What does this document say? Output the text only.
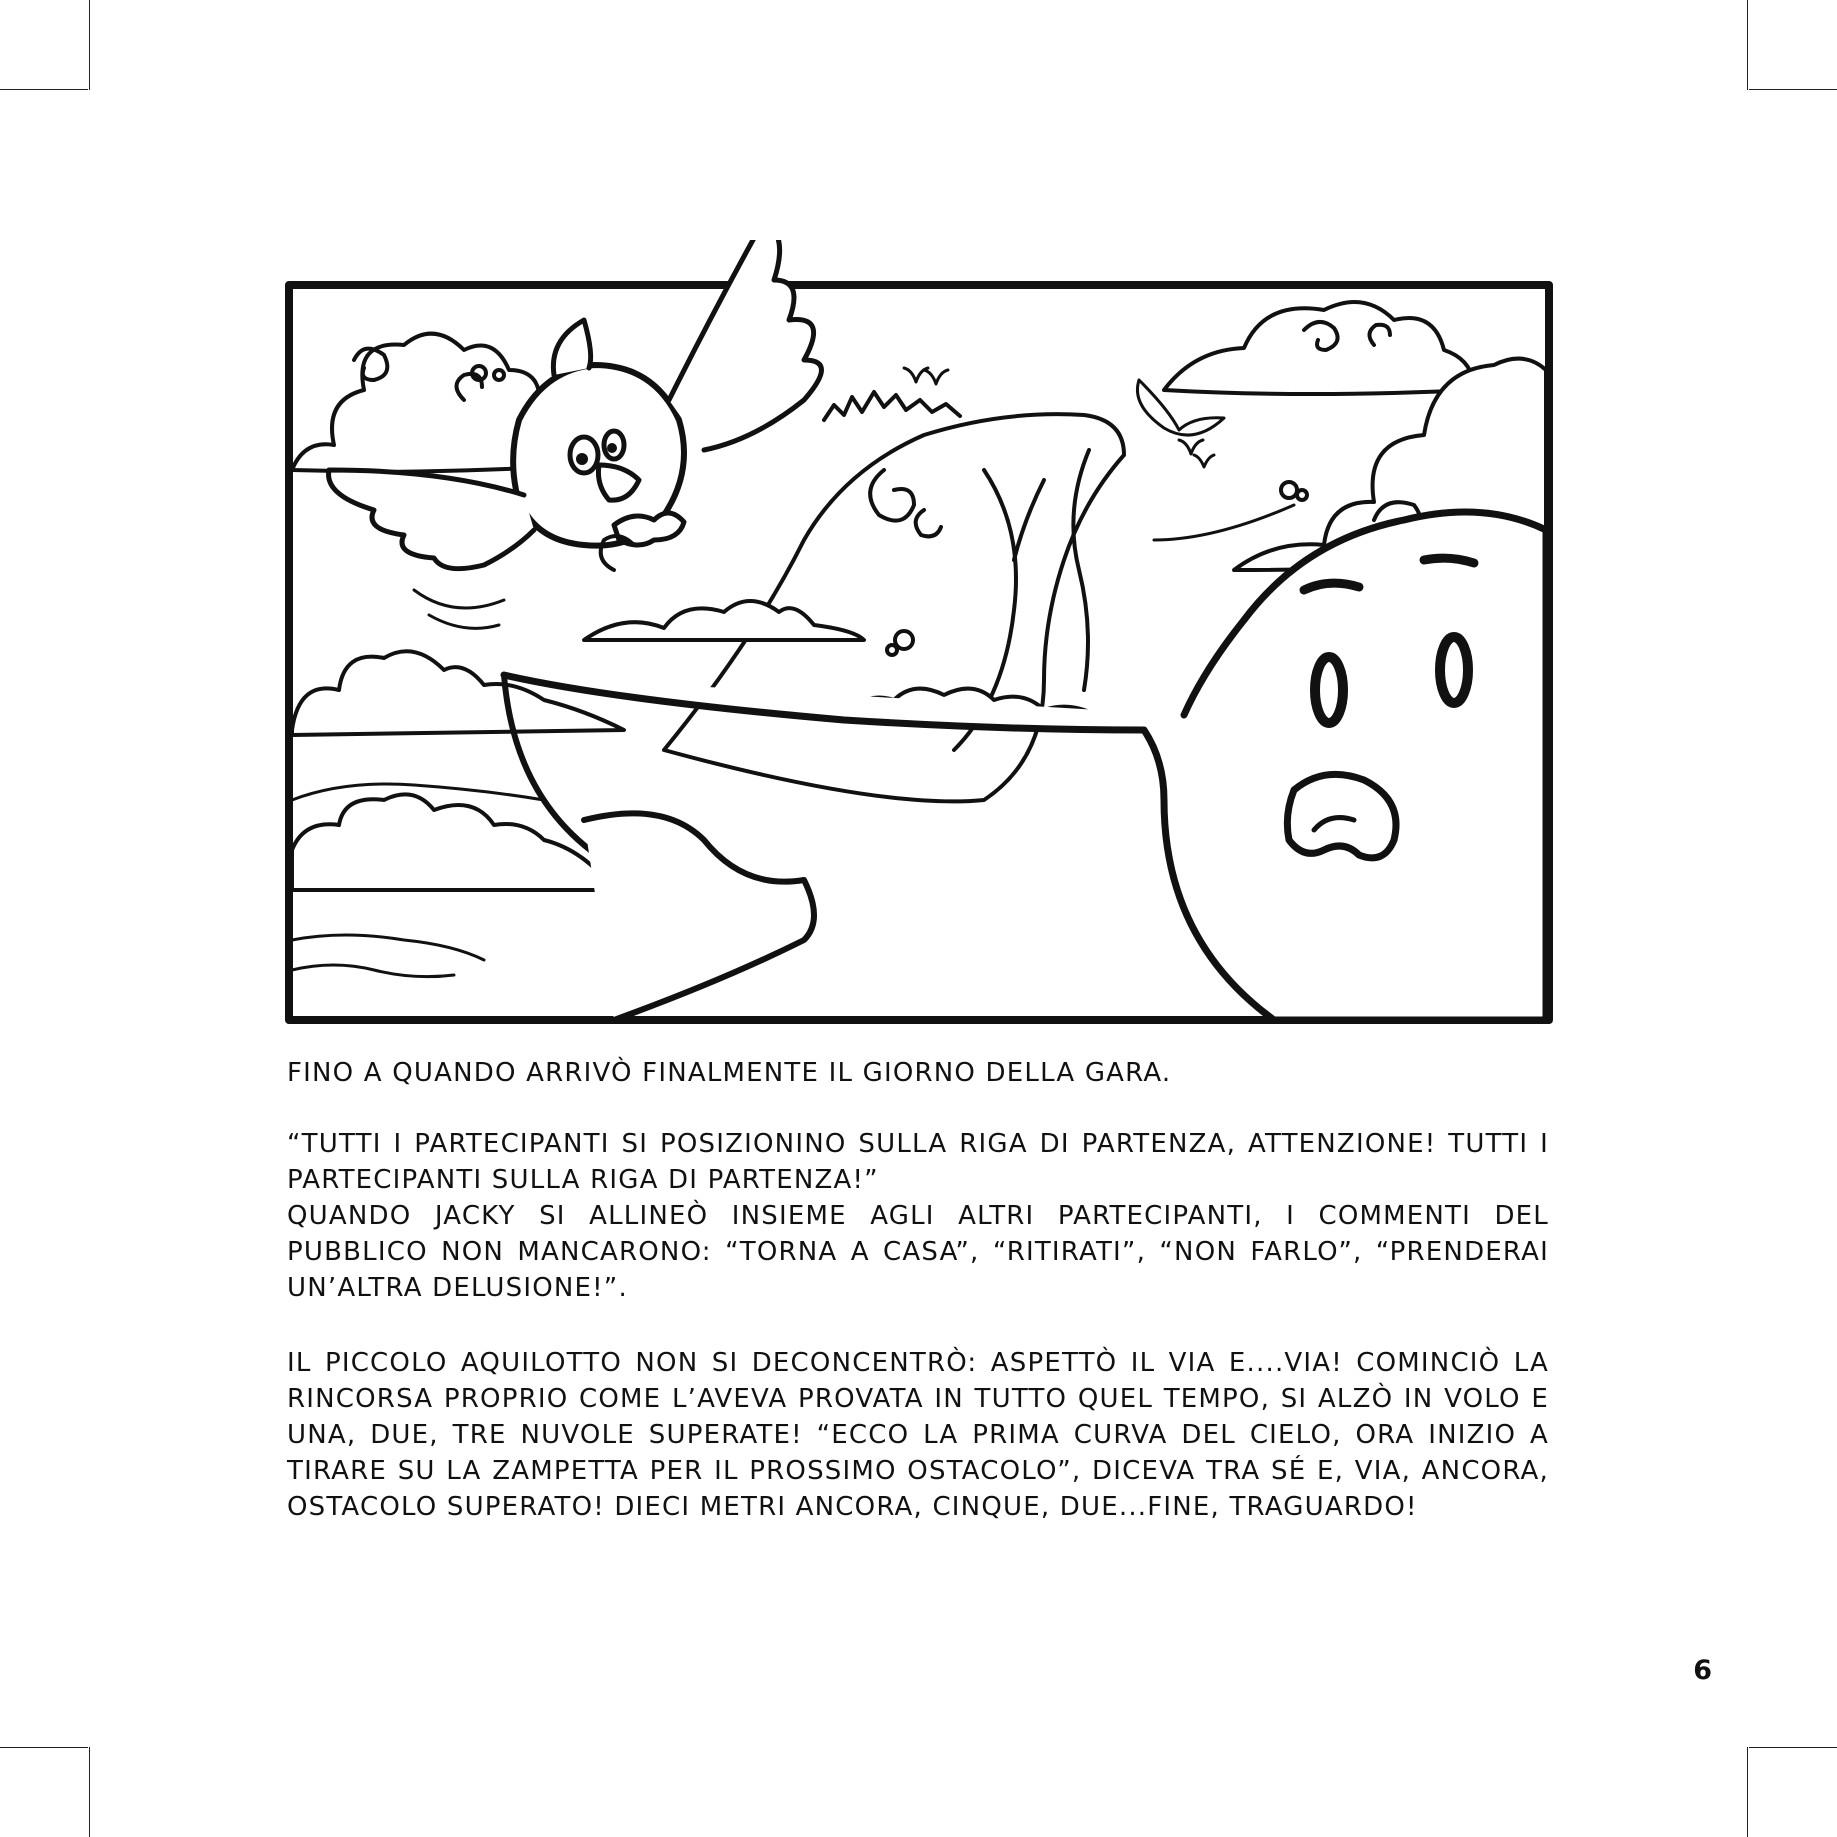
FINO A QUANDO ARRIVÒ FINALMENTE IL GIORNO DELLA GARA.

“TUTTI I PARTECIPANTI SI POSIZIONINO SULLA RIGA DI PARTENZA, ATTENZIONE! TUTTI I PARTECIPANTI SULLA RIGA DI PARTENZA!”

QUANDO JACKY SI ALLINEÒ INSIEME AGLI ALTRI PARTECIPANTI, I COMMENTI DEL PUBBLICO NON MANCARONO: “TORNA A CASA”, “RITIRATI”, “NON FARLO”, “PRENDERAI UN’ALTRA DELUSIONE!”.

IL PICCOLO AQUILOTTO NON SI DECONCENTRÒ: ASPETTÒ IL VIA E....VIA! COMINCIÒ LA RINCORSA PROPRIO COME L’AVEVA PROVATA IN TUTTO QUEL TEMPO, SI ALZÒ IN VOLO E UNA, DUE, TRE NUVOLE SUPERATE! “ECCO LA PRIMA CURVA DEL CIELO, ORA INIZIO A TIRARE SU LA ZAMPETTA PER IL PROSSIMO OSTACOLO”, DICEVA TRA SÉ E, VIA, ANCORA, OSTACOLO SUPERATO! DIECI METRI ANCORA, CINQUE, DUE...FINE, TRAGUARDO!

6
